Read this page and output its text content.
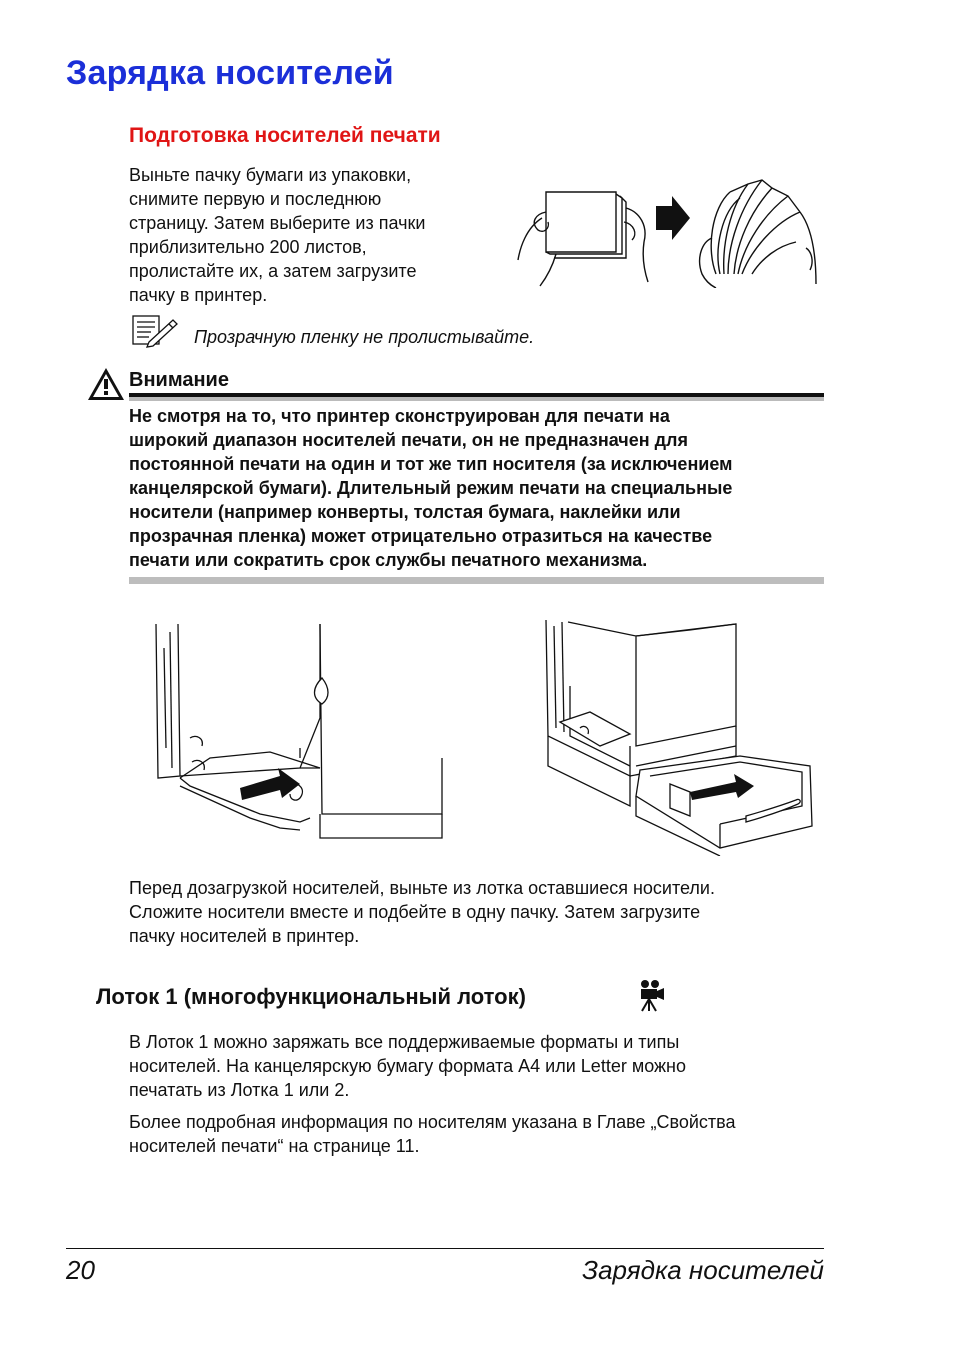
Зарядка носителей
Подготовка носителей печати
Выньте пачку бумаги из упаковки,
снимите первую и последнюю
страницу. Затем выберите из пачки
приблизительно 200 листов,
пролистайте их, а затем загрузите
пачку в принтер.
Прозрачную пленку не пролистывайте.
Внимание
Не смотря на то, что принтер сконструирован для печати на
широкий диапазон носителей печати, он не предназначен для
постоянной печати на один и тот же тип носителя (за исключением
канцелярской бумаги). Длительный режим печати на специальные
носители (например конверты, толстая бумага, наклейки или
прозрачная пленка) может отрицательно отразиться на качестве
печати или сократить срок службы печатного механизма.
Перед дозагрузкой носителей, выньте из лотка оставшиеся носители.
Сложите носители вместе и подбейте в одну пачку. Затем загрузите
пачку носителей в принтер.
Лоток 1 (многофункциональный лоток)
В Лоток 1 можно заряжать все поддерживаемые форматы и типы
носителей. На канцелярскую бумагу формата А4 или Letter можно
печатать из Лотка 1 или 2.
Более подробная информация по носителям указана в Главе „Свойства
носителей печати“ на странице 11.
20	Зарядка носителей
